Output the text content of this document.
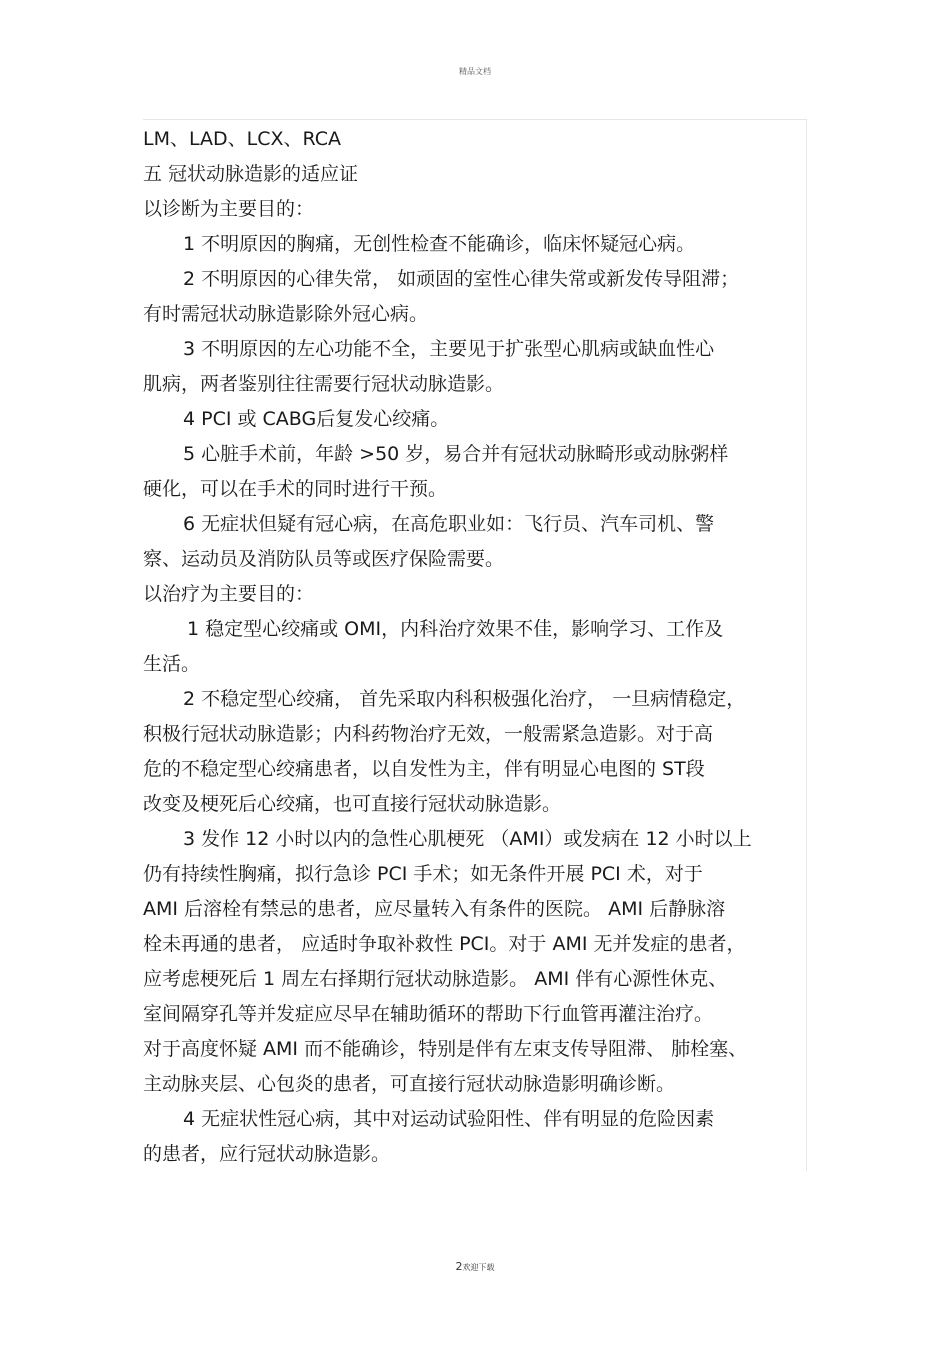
精品文档
LM、LAD、LCX、RCA
五 冠状动脉造影的适应证
以诊断为主要目的：
1 不明原因的胸痛，无创性检查不能确诊，临床怀疑冠心病。
2 不明原因的心律失常， 如顽固的室性心律失常或新发传导阻滞；
有时需冠状动脉造影除外冠心病。
3 不明原因的左心功能不全，主要见于扩张型心肌病或缺血性心
肌病，两者鉴别往往需要行冠状动脉造影。
4 PCI 或 CABG后复发心绞痛。
5 心脏手术前，年龄 >50 岁，易合并有冠状动脉畸形或动脉粥样
硬化，可以在手术的同时进行干预。
6 无症状但疑有冠心病，在高危职业如：飞行员、汽车司机、警
察、运动员及消防队员等或医疗保险需要。
以治疗为主要目的：
1 稳定型心绞痛或 OMI，内科治疗效果不佳，影响学习、工作及
生活。
2 不稳定型心绞痛， 首先采取内科积极强化治疗， 一旦病情稳定，
积极行冠状动脉造影；内科药物治疗无效，一般需紧急造影。对于高
危的不稳定型心绞痛患者，以自发性为主，伴有明显心电图的 ST段
改变及梗死后心绞痛，也可直接行冠状动脉造影。
3 发作 12 小时以内的急性心肌梗死 （AMI）或发病在 12 小时以上
仍有持续性胸痛，拟行急诊 PCI 手术；如无条件开展 PCI 术，对于
AMI 后溶栓有禁忌的患者，应尽量转入有条件的医院。 AMI 后静脉溶
栓未再通的患者， 应适时争取补救性 PCI。对于 AMI 无并发症的患者，
应考虑梗死后 1 周左右择期行冠状动脉造影。 AMI 伴有心源性休克、
室间隔穿孔等并发症应尽早在辅助循环的帮助下行血管再灌注治疗。
对于高度怀疑 AMI 而不能确诊，特别是伴有左束支传导阻滞、 肺栓塞、
主动脉夹层、心包炎的患者，可直接行冠状动脉造影明确诊断。
4 无症状性冠心病，其中对运动试验阳性、伴有明显的危险因素
的患者，应行冠状动脉造影。
2欢迎下载
